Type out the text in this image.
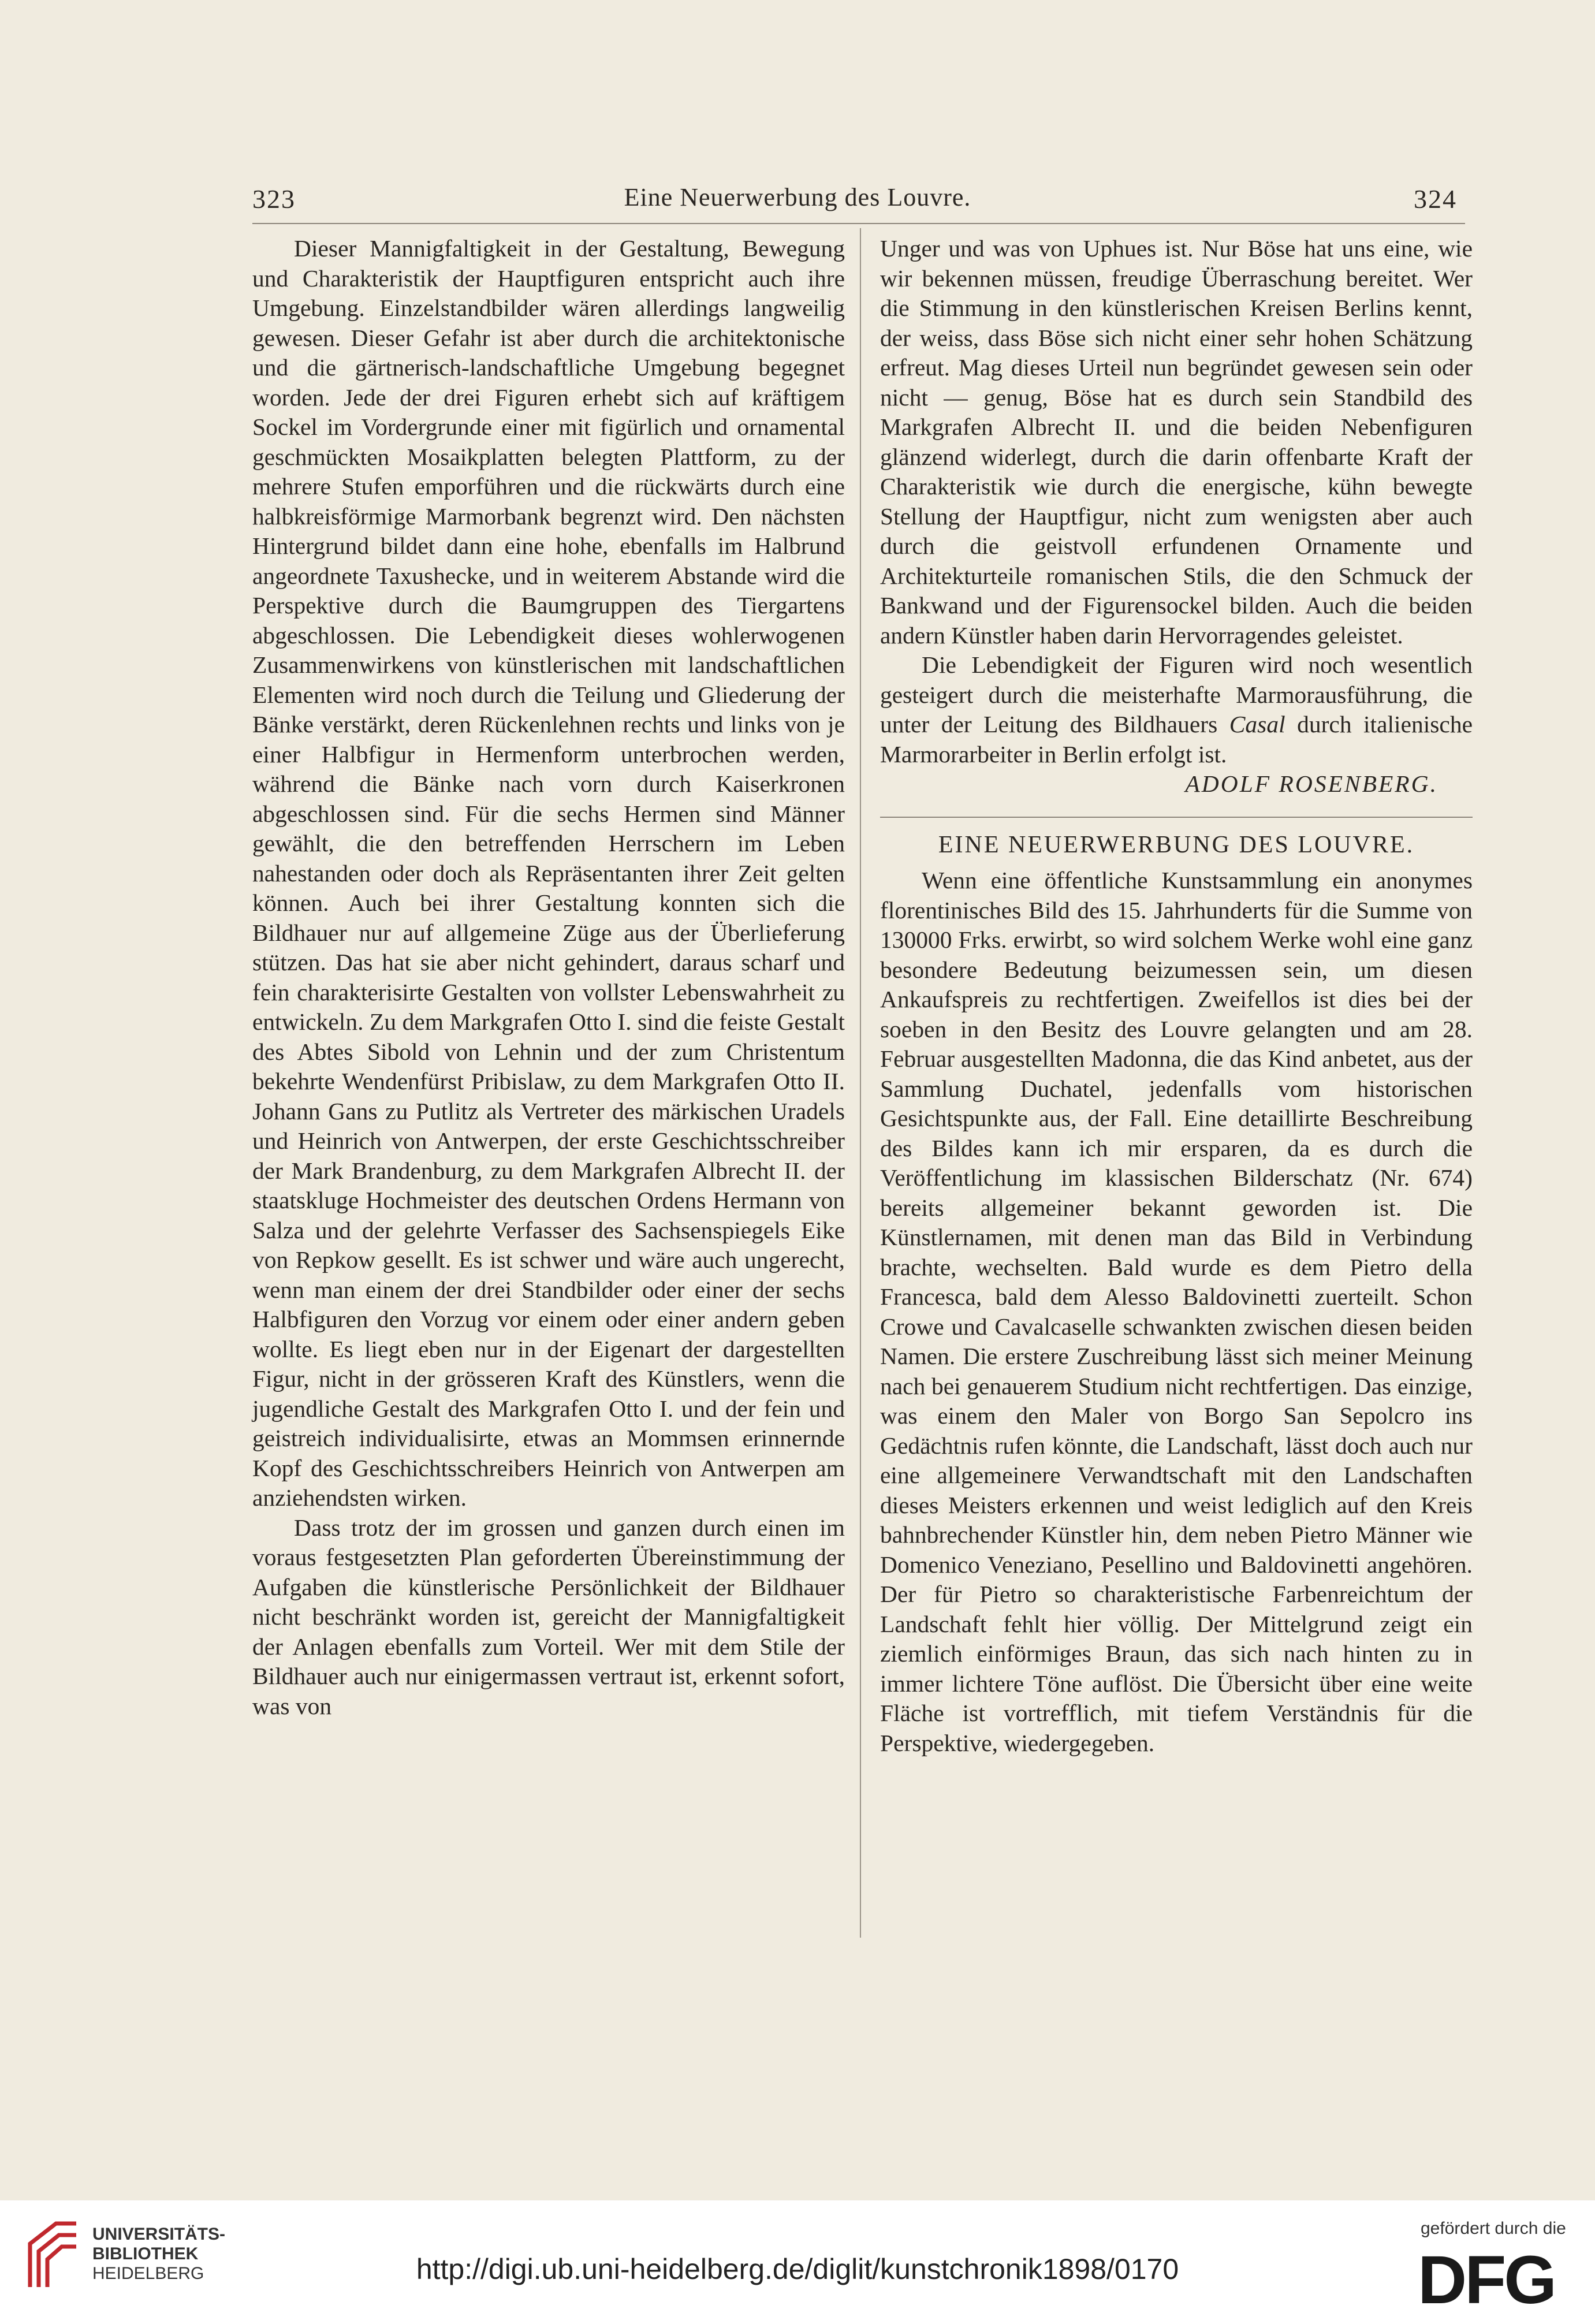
323	Eine Neuerwerbung des Louvre.	324

Dieser Mannigfaltigkeit in der Gestaltung, Bewegung und Charakteristik der Hauptfiguren entspricht auch ihre Umgebung. Einzelstandbilder wären allerdings langweilig gewesen. Dieser Gefahr ist aber durch die architektonische und die gärtnerisch-landschaftliche Umgebung begegnet worden. Jede der drei Figuren erhebt sich auf kräftigem Sockel im Vordergrunde einer mit figürlich und ornamental geschmückten Mosaikplatten belegten Plattform, zu der mehrere Stufen emporführen und die rückwärts durch eine halbkreisförmige Marmorbank begrenzt wird. Den nächsten Hintergrund bildet dann eine hohe, ebenfalls im Halbrund angeordnete Taxushecke, und in weiterem Abstande wird die Perspektive durch die Baumgruppen des Tiergartens abgeschlossen. Die Lebendigkeit dieses wohlerwogenen Zusammenwirkens von künstlerischen mit landschaftlichen Elementen wird noch durch die Teilung und Gliederung der Bänke verstärkt, deren Rückenlehnen rechts und links von je einer Halbfigur in Hermenform unterbrochen werden, während die Bänke nach vorn durch Kaiserkronen abgeschlossen sind. Für die sechs Hermen sind Männer gewählt, die den betreffenden Herrschern im Leben nahestanden oder doch als Repräsentanten ihrer Zeit gelten können. Auch bei ihrer Gestaltung konnten sich die Bildhauer nur auf allgemeine Züge aus der Überlieferung stützen. Das hat sie aber nicht gehindert, daraus scharf und fein charakterisirte Gestalten von vollster Lebenswahrheit zu entwickeln. Zu dem Markgrafen Otto I. sind die feiste Gestalt des Abtes Sibold von Lehnin und der zum Christentum bekehrte Wendenfürst Pribislaw, zu dem Markgrafen Otto II. Johann Gans zu Putlitz als Vertreter des märkischen Uradels und Heinrich von Antwerpen, der erste Geschichtsschreiber der Mark Brandenburg, zu dem Markgrafen Albrecht II. der staatskluge Hochmeister des deutschen Ordens Hermann von Salza und der gelehrte Verfasser des Sachsenspiegels Eike von Repkow gesellt. Es ist schwer und wäre auch ungerecht, wenn man einem der drei Standbilder oder einer der sechs Halbfiguren den Vorzug vor einem oder einer andern geben wollte. Es liegt eben nur in der Eigenart der dargestellten Figur, nicht in der grösseren Kraft des Künstlers, wenn die jugendliche Gestalt des Markgrafen Otto I. und der fein und geistreich individualisirte, etwas an Mommsen erinnernde Kopf des Geschichtsschreibers Heinrich von Antwerpen am anziehendsten wirken.

Dass trotz der im grossen und ganzen durch einen im voraus festgesetzten Plan geforderten Übereinstimmung der Aufgaben die künstlerische Persönlichkeit der Bildhauer nicht beschränkt worden ist, gereicht der Mannigfaltigkeit der Anlagen ebenfalls zum Vorteil. Wer mit dem Stile der Bildhauer auch nur einigermassen vertraut ist, erkennt sofort, was von

Unger und was von Uphues ist. Nur Böse hat uns eine, wie wir bekennen müssen, freudige Überraschung bereitet. Wer die Stimmung in den künstlerischen Kreisen Berlins kennt, der weiss, dass Böse sich nicht einer sehr hohen Schätzung erfreut. Mag dieses Urteil nun begründet gewesen sein oder nicht — genug, Böse hat es durch sein Standbild des Markgrafen Albrecht II. und die beiden Nebenfiguren glänzend widerlegt, durch die darin offenbarte Kraft der Charakteristik wie durch die energische, kühn bewegte Stellung der Hauptfigur, nicht zum wenigsten aber auch durch die geistvoll erfundenen Ornamente und Architekturteile romanischen Stils, die den Schmuck der Bankwand und der Figurensockel bilden. Auch die beiden andern Künstler haben darin Hervorragendes geleistet.

Die Lebendigkeit der Figuren wird noch wesentlich gesteigert durch die meisterhafte Marmorausführung, die unter der Leitung des Bildhauers Casal durch italienische Marmorarbeiter in Berlin erfolgt ist.

ADOLF ROSENBERG.
EINE NEUERWERBUNG DES LOUVRE.

Wenn eine öffentliche Kunstsammlung ein anonymes florentinisches Bild des 15. Jahrhunderts für die Summe von 130000 Frks. erwirbt, so wird solchem Werke wohl eine ganz besondere Bedeutung beizumessen sein, um diesen Ankaufspreis zu rechtfertigen. Zweifellos ist dies bei der soeben in den Besitz des Louvre gelangten und am 28. Februar ausgestellten Madonna, die das Kind anbetet, aus der Sammlung Duchatel, jedenfalls vom historischen Gesichtspunkte aus, der Fall. Eine detaillirte Beschreibung des Bildes kann ich mir ersparen, da es durch die Veröffentlichung im klassischen Bilderschatz (Nr. 674) bereits allgemeiner bekannt geworden ist. Die Künstlernamen, mit denen man das Bild in Verbindung brachte, wechselten. Bald wurde es dem Pietro della Francesca, bald dem Alesso Baldovinetti zuerteilt. Schon Crowe und Cavalcaselle schwankten zwischen diesen beiden Namen. Die erstere Zuschreibung lässt sich meiner Meinung nach bei genauerem Studium nicht rechtfertigen. Das einzige, was einem den Maler von Borgo San Sepolcro ins Gedächtnis rufen könnte, die Landschaft, lässt doch auch nur eine allgemeinere Verwandtschaft mit den Landschaften dieses Meisters erkennen und weist lediglich auf den Kreis bahnbrechender Künstler hin, dem neben Pietro Männer wie Domenico Veneziano, Pesellino und Baldovinetti angehören. Der für Pietro so charakteristische Farbenreichtum der Landschaft fehlt hier völlig. Der Mittelgrund zeigt ein ziemlich einförmiges Braun, das sich nach hinten zu in immer lichtere Töne auflöst. Die Übersicht über eine weite Fläche ist vortrefflich, mit tiefem Verständnis für die Perspektive, wiedergegeben.

UNIVERSITÄTS-
BIBLIOTHEK
HEIDELBERG	http://digi.ub.uni-heidelberg.de/diglit/kunstchronik1898/0170
gefördert durch die
DFG
